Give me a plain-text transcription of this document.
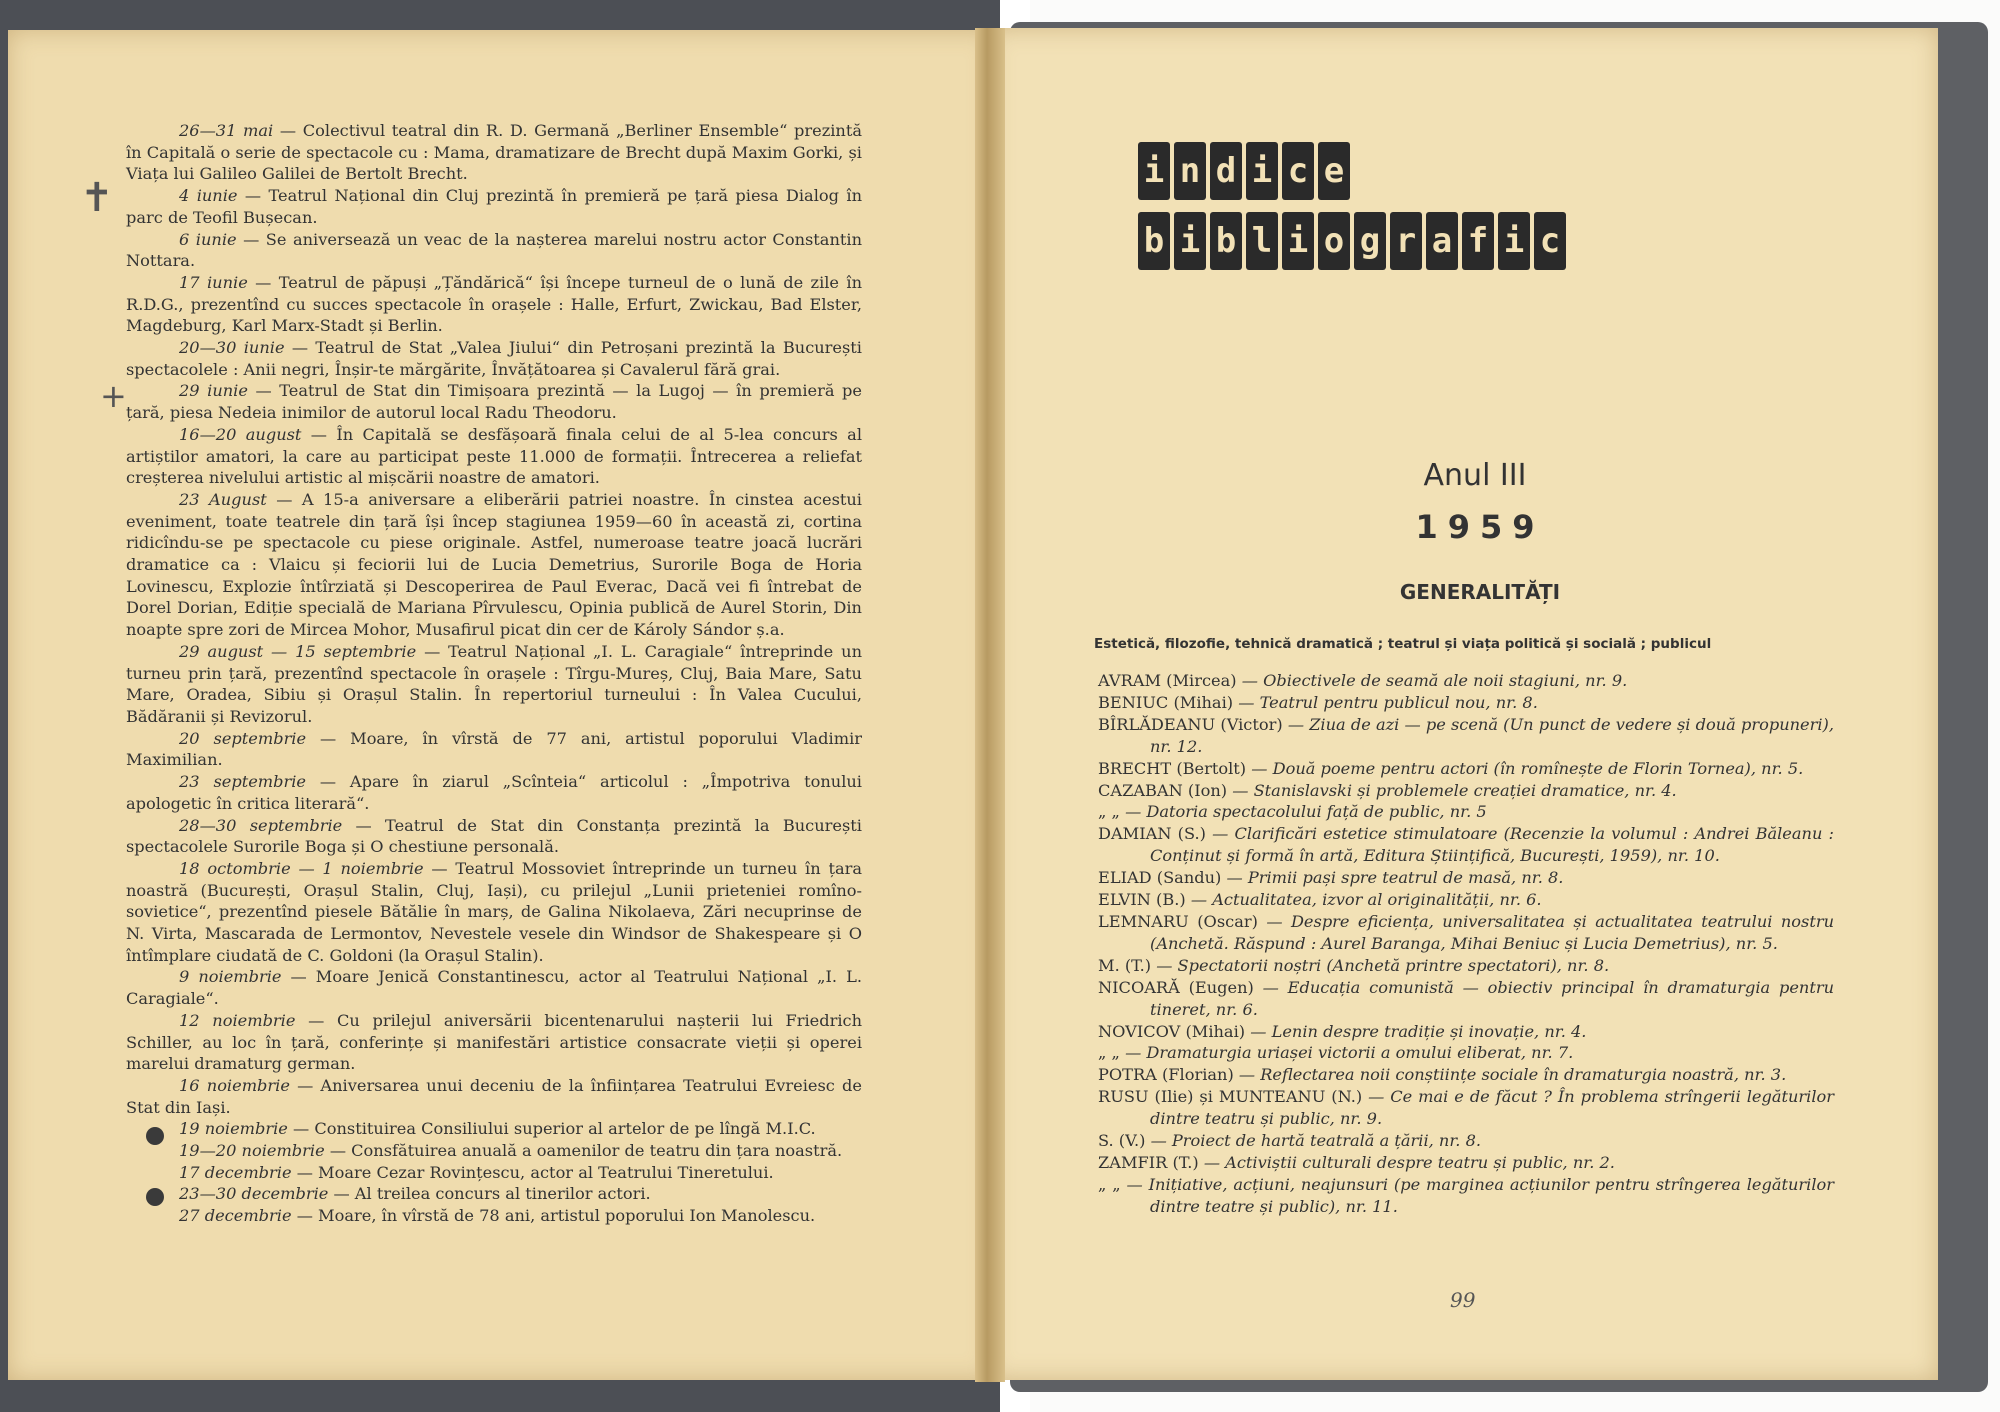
✝
+

26—31 mai — Colectivul teatral din R. D. Germană „Berliner Ensemble“ prezintă în Capitală o serie de spectacole cu : Mama, dramatizare de Brecht după Maxim Gorki, și Viața lui Galileo Galilei de Bertolt Brecht.

4 iunie — Teatrul Național din Cluj prezintă în premieră pe țară piesa Dialog în parc de Teofil Bușecan.

6 iunie — Se aniversează un veac de la nașterea marelui nostru actor Constantin Nottara.

17 iunie — Teatrul de păpuși „Țăndărică“ își începe turneul de o lună de zile în R.D.G., prezentînd cu succes spectacole în orașele : Halle, Erfurt, Zwickau, Bad Elster, Magdeburg, Karl Marx-Stadt și Berlin.

20—30 iunie — Teatrul de Stat „Valea Jiului“ din Petroșani prezintă la București spectacolele : Anii negri, Înșir-te mărgărite, Învățătoarea și Cavalerul fără grai.

29 iunie — Teatrul de Stat din Timișoara prezintă — la Lugoj — în premieră pe țară, piesa Nedeia inimilor de autorul local Radu Theodoru.

16—20 august — În Capitală se desfășoară finala celui de al 5-lea concurs al artiștilor amatori, la care au participat peste 11.000 de formații. Întrecerea a reliefat creșterea nivelului artistic al mișcării noastre de amatori.

23 August — A 15-a aniversare a eliberării patriei noastre. În cinstea acestui eveniment, toate teatrele din țară își încep stagiunea 1959—60 în această zi, cortina ridicîndu-se pe spectacole cu piese originale. Astfel, numeroase teatre joacă lucrări dramatice ca : Vlaicu și feciorii lui de Lucia Demetrius, Surorile Boga de Horia Lovinescu, Explozie întîrziată și Descoperirea de Paul Everac, Dacă vei fi întrebat de Dorel Dorian, Ediție specială de Mariana Pîrvulescu, Opinia publică de Aurel Storin, Din noapte spre zori de Mircea Mohor, Musafirul picat din cer de Károly Sándor ș.a.

29 august — 15 septembrie — Teatrul Național „I. L. Caragiale“ întreprinde un turneu prin țară, prezentînd spectacole în orașele : Tîrgu-Mureș, Cluj, Baia Mare, Satu Mare, Oradea, Sibiu și Orașul Stalin. În repertoriul turneului : În Valea Cucului, Bădăranii și Revizorul.

20 septembrie — Moare, în vîrstă de 77 ani, artistul poporului Vladimir Maximilian.

23 septembrie — Apare în ziarul „Scînteia“ articolul : „Împotriva tonului apologetic în critica literară“.

28—30 septembrie — Teatrul de Stat din Constanța prezintă la București spectacolele Surorile Boga și O chestiune personală.

18 octombrie — 1 noiembrie — Teatrul Mossoviet întreprinde un turneu în țara noastră (București, Orașul Stalin, Cluj, Iași), cu prilejul „Lunii prieteniei romîno-sovietice“, prezentînd piesele Bătălie în marș, de Galina Nikolaeva, Zări necuprinse de N. Virta, Mascarada de Lermontov, Nevestele vesele din Windsor de Shakespeare și O întîmplare ciudată de C. Goldoni (la Orașul Stalin).

9 noiembrie — Moare Jenică Constantinescu, actor al Teatrului Național „I. L. Caragiale“.

12 noiembrie — Cu prilejul aniversării bicentenarului nașterii lui Friedrich Schiller, au loc în țară, conferințe și manifestări artistice consacrate vieții și operei marelui dramaturg german.

16 noiembrie — Aniversarea unui deceniu de la înființarea Teatrului Evreiesc de Stat din Iași.

19 noiembrie — Constituirea Consiliului superior al artelor de pe lîngă M.I.C.

19—20 noiembrie — Consfătuirea anuală a oamenilor de teatru din țara noastră.

17 decembrie — Moare Cezar Rovințescu, actor al Teatrului Tineretului.

23—30 decembrie — Al treilea concurs al tinerilor actori.

27 decembrie — Moare, în vîrstă de 78 ani, artistul poporului Ion Manolescu.

i n d i c e
b i b l i o g r a f i c
Anul III
1959
GENERALITĂȚI
Estetică, filozofie, tehnică dramatică ; teatrul și viața politică și socială ; publicul

AVRAM (Mircea) — Obiectivele de seamă ale noii stagiuni, nr. 9.

BENIUC (Mihai) — Teatrul pentru publicul nou, nr. 8.

BÎRLĂDEANU (Victor) — Ziua de azi — pe scenă (Un punct de vedere și două propuneri), nr. 12.

BRECHT (Bertolt) — Două poeme pentru actori (în romînește de Florin Tornea), nr. 5.

CAZABAN (Ion) — Stanislavski și problemele creației dramatice, nr. 4.

„ „ — Datoria spectacolului față de public, nr. 5

DAMIAN (S.) — Clarificări estetice stimulatoare (Recenzie la volumul : Andrei Băleanu : Conținut și formă în artă, Editura Științifică, București, 1959), nr. 10.

ELIAD (Sandu) — Primii pași spre teatrul de masă, nr. 8.

ELVIN (B.) — Actualitatea, izvor al originalității, nr. 6.

LEMNARU (Oscar) — Despre eficiența, universalitatea și actualitatea teatrului nostru (Anchetă. Răspund : Aurel Baranga, Mihai Beniuc și Lucia Demetrius), nr. 5.

M. (T.) — Spectatorii noștri (Anchetă printre spectatori), nr. 8.

NICOARĂ (Eugen) — Educația comunistă — obiectiv principal în dramaturgia pentru tineret, nr. 6.

NOVICOV (Mihai) — Lenin despre tradiție și inovație, nr. 4.

„ „ — Dramaturgia uriașei victorii a omului eliberat, nr. 7.

POTRA (Florian) — Reflectarea noii conștiințe sociale în dramaturgia noastră, nr. 3.

RUSU (Ilie) și MUNTEANU (N.) — Ce mai e de făcut ? În problema strîngerii legăturilor dintre teatru și public, nr. 9.

S. (V.) — Proiect de hartă teatrală a țării, nr. 8.

ZAMFIR (T.) — Activiștii culturali despre teatru și public, nr. 2.

„ „ — Inițiative, acțiuni, neajunsuri (pe marginea acțiunilor pentru strîngerea legăturilor dintre teatre și public), nr. 11.

99
